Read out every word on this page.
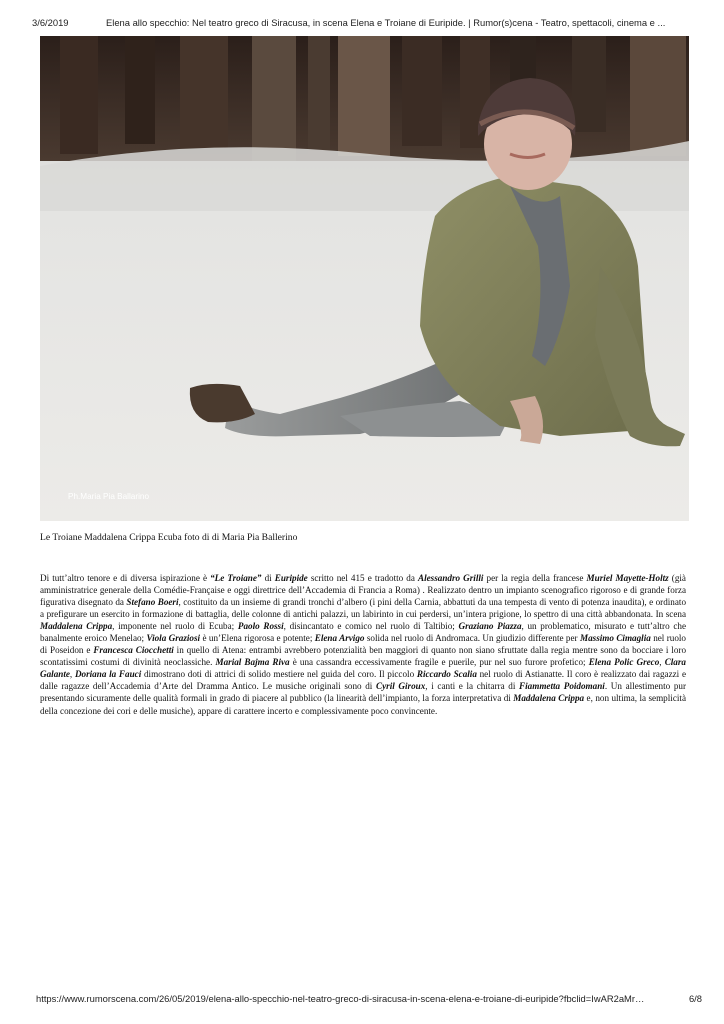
3/6/2019	Elena allo specchio: Nel teatro greco di Siracusa, in scena Elena e Troiane di Euripide. | Rumor(s)cena - Teatro, spettacoli, cinema e ...
Ph.Maria Pia Ballarino
Le Troiane Maddalena Crippa Ecuba foto di di Maria Pia Ballerino
Di tutt’altro tenore e di diversa ispirazione è “Le Troiane” di Euripide scritto nel 415 e tradotto da Alessandro Grilli per la regia della francese Muriel Mayette-Holtz (già amministratrice generale della Comédie-Française e oggi direttrice dell’Accademia di Francia a Roma) . Realizzato dentro un impianto scenografico rigoroso e di grande forza figurativa disegnato da Stefano Boeri, costituito da un insieme di grandi tronchi d’albero (i pini della Carnia, abbattuti da una tempesta di vento di potenza inaudita), e ordinato a prefigurare un esercito in formazione di battaglia, delle colonne di antichi palazzi, un labirinto in cui perdersi, un’intera prigione, lo spettro di una città abbandonata. In scena Maddalena Crippa, imponente nel ruolo di Ecuba; Paolo Rossi, disincantato e comico nel ruolo di Taltibio; Graziano Piazza, un problematico, misurato e tutt’altro che banalmente eroico Menelao; Viola Graziosi è un’Elena rigorosa e potente; Elena Arvigo solida nel ruolo di Andromaca. Un giudizio differente per Massimo Cimaglia nel ruolo di Poseidon e Francesca Ciocchetti in quello di Atena: entrambi avrebbero potenzialità ben maggiori di quanto non siano sfruttate dalla regia mentre sono da bocciare i loro scontatissimi costumi di divinità neoclassiche. Marial Bajma Riva è una cassandra eccessivamente fragile e puerile, pur nel suo furore profetico; Elena Polic Greco, Clara Galante, Doriana la Fauci dimostrano doti di attrici di solido mestiere nel guida del coro. Il piccolo Riccardo Scalia nel ruolo di Astianatte. Il coro è realizzato dai ragazzi e dalle ragazze dell’Accademia d’Arte del Dramma Antico. Le musiche originali sono di Cyril Giroux, i canti e la chitarra di Fiammetta Poidomani. Un allestimento pur presentando sicuramente delle qualità formali in grado di piacere al pubblico (la linearità dell’impianto, la forza interpretativa di Maddalena Crippa e, non ultima, la semplicità della concezione dei cori e delle musiche), appare di carattere incerto e complessivamente poco convincente.
https://www.rumorscena.com/26/05/2019/elena-allo-specchio-nel-teatro-greco-di-siracusa-in-scena-elena-e-troiane-di-euripide?fbclid=IwAR2aMr…	6/8
